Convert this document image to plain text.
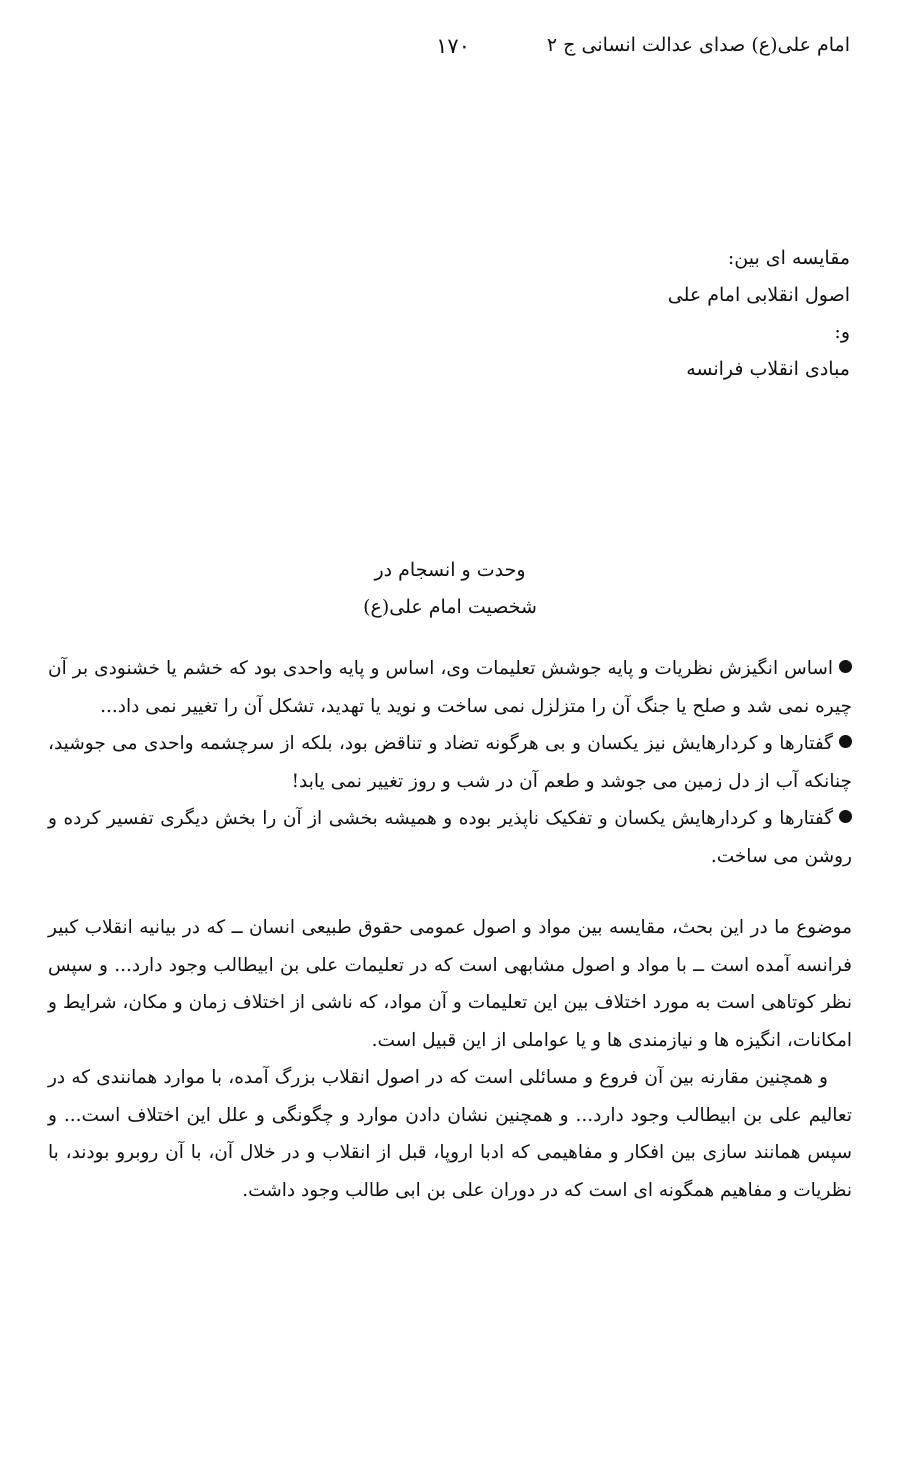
امام علی(ع) صدای عدالت انسانی ج ۲
۱۷۰
مقایسه ای بین:
اصول انقلابی امام علی
و:
مبادی انقلاب فرانسه
وحدت و انسجام در
شخصیت امام علی(ع)

اساس انگیزش نظریات و پایه جوشش تعلیمات وی، اساس و پایه واحدی بود که خشم یا خشنودی بر آن چیره نمی شد و صلح یا جنگ آن را متزلزل نمی ساخت و نوید یا تهدید، تشکل آن را تغییر نمی داد...

گفتارها و کردارهایش نیز یکسان و بی هرگونه تضاد و تناقض بود، بلکه از سرچشمه واحدی می جوشید، چنانکه آب از دل زمین می جوشد و طعم آن در شب و روز تغییر نمی یابد!

گفتارها و کردارهایش یکسان و تفکیک ناپذیر بوده و همیشه بخشی از آن را بخش دیگری تفسیر کرده و روشن می ساخت.

موضوع ما در این بحث، مقایسه بین مواد و اصول عمومی حقوق طبیعی انسان ــ که در بیانیه انقلاب کبیر فرانسه آمده است ــ با مواد و اصول مشابهی است که در تعلیمات علی بن ابیطالب وجود دارد... و سپس نظر کوتاهی است به مورد اختلاف بین این تعلیمات و آن مواد، که ناشی از اختلاف زمان و مکان، شرایط و امکانات، انگیزه ها و نیازمندی ها و یا عواملی از این قبیل است.

و همچنین مقارنه بین آن فروع و مسائلی است که در اصول انقلاب بزرگ آمده، با موارد همانندی که در تعالیم علی بن ابیطالب وجود دارد... و همچنین نشان دادن موارد و چگونگی و علل این اختلاف است... و سپس همانند سازی بین افکار و مفاهیمی که ادبا اروپا، قبل از انقلاب و در خلال آن، با آن روبرو بودند، با نظریات و مفاهیم همگونه ای است که در دوران علی بن ابی طالب وجود داشت.
